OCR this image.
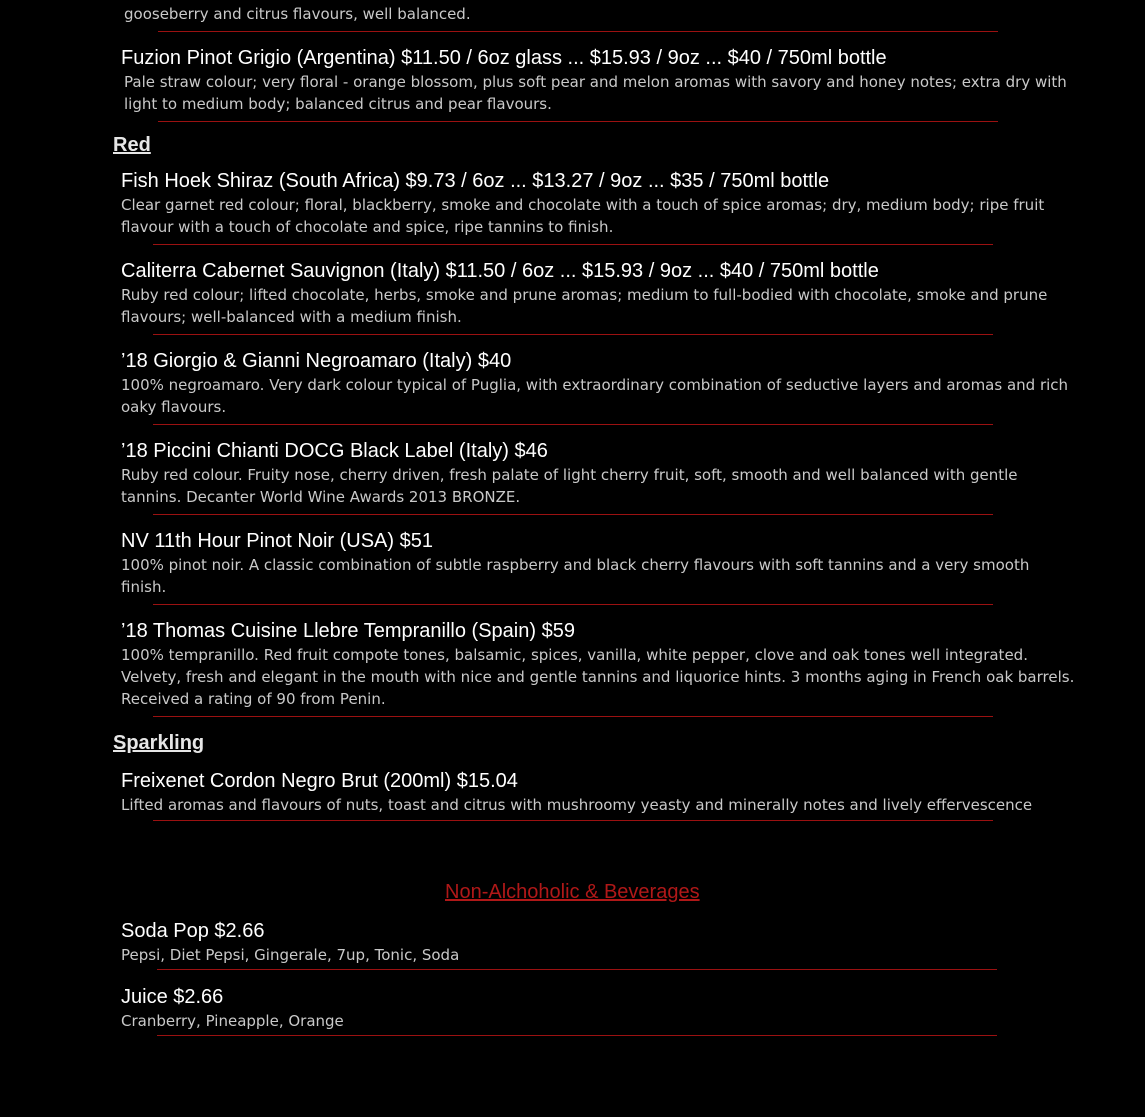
gooseberry and citrus flavours, well balanced.
Fuzion Pinot Grigio (Argentina) $11.50 / 6oz glass ... $15.93 / 9oz ... $40 / 750ml bottle
Pale straw colour; very floral - orange blossom, plus soft pear and melon aromas with savory and honey notes; extra dry with
light to medium body; balanced citrus and pear flavours.
Red
Fish Hoek Shiraz (South Africa) $9.73 / 6oz ... $13.27 / 9oz ... $35 / 750ml bottle
Clear garnet red colour; floral, blackberry, smoke and chocolate with a touch of spice aromas; dry, medium body; ripe fruit
flavour with a touch of chocolate and spice, ripe tannins to finish.
Caliterra Cabernet Sauvignon (Italy) $11.50 / 6oz ... $15.93 / 9oz ... $40 / 750ml bottle
Ruby red colour; lifted chocolate, herbs, smoke and prune aromas; medium to full-bodied with chocolate, smoke and prune
flavours; well-balanced with a medium finish.
’18 Giorgio & Gianni Negroamaro (Italy) $40
100% negroamaro. Very dark colour typical of Puglia, with extraordinary combination of seductive layers and aromas and rich
oaky flavours.
’18 Piccini Chianti DOCG Black Label (Italy) $46
Ruby red colour. Fruity nose, cherry driven, fresh palate of light cherry fruit, soft, smooth and well balanced with gentle
tannins. Decanter World Wine Awards 2013 BRONZE.
NV 11th Hour Pinot Noir (USA) $51
100% pinot noir. A classic combination of subtle raspberry and black cherry flavours with soft tannins and a very smooth
finish.
’18 Thomas Cuisine Llebre Tempranillo (Spain) $59
100% tempranillo. Red fruit compote tones, balsamic, spices, vanilla, white pepper, clove and oak tones well integrated.
Velvety, fresh and elegant in the mouth with nice and gentle tannins and liquorice hints. 3 months aging in French oak barrels.
Received a rating of 90 from Penin.
Sparkling
Freixenet Cordon Negro Brut (200ml) $15.04
Lifted aromas and flavours of nuts, toast and citrus with mushroomy yeasty and minerally notes and lively effervescence
Non-Alchoholic & Beverages
Soda Pop $2.66
Pepsi, Diet Pepsi, Gingerale, 7up, Tonic, Soda
Juice $2.66
Cranberry, Pineapple, Orange
